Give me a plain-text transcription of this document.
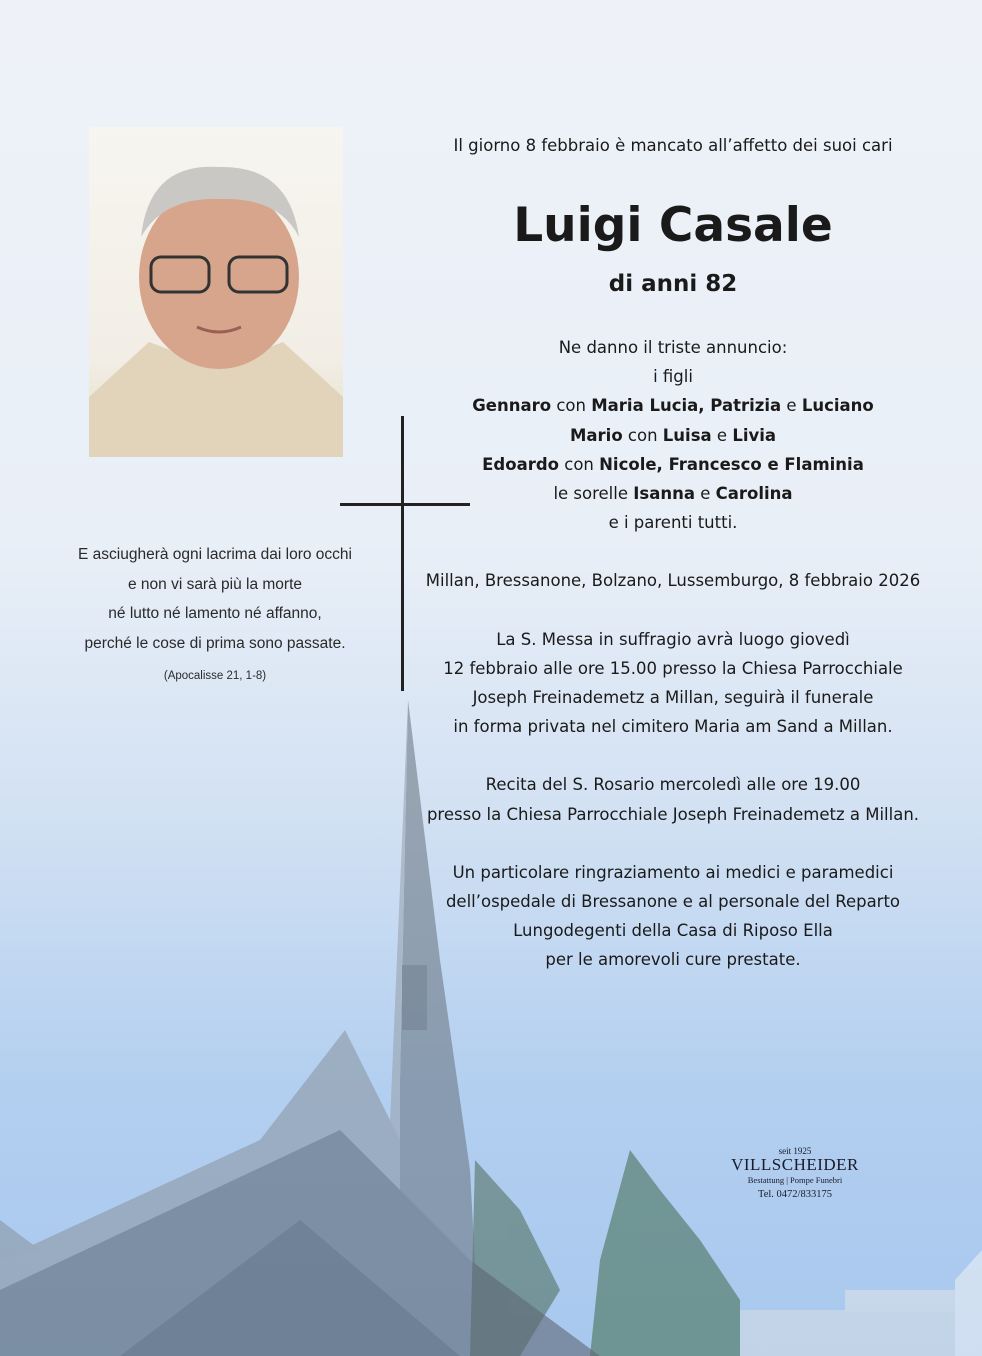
Il giorno 8 febbraio è mancato all’affetto dei suoi cari
Luigi Casale
di anni 82
Ne danno il triste annuncio:
i figli
Gennaro con Maria Lucia, Patrizia e Luciano
Mario con Luisa e Livia
Edoardo con Nicole, Francesco e Flaminia
le sorelle Isanna e Carolina
e i parenti tutti.
Millan, Bressanone, Bolzano, Lussemburgo, 8 febbraio 2026
La S. Messa in suffragio avrà luogo giovedì
12 febbraio alle ore 15.00 presso la Chiesa Parrocchiale
Joseph Freinademetz a Millan, seguirà il funerale
in forma privata nel cimitero Maria am Sand a Millan.
Recita del S. Rosario mercoledì alle ore 19.00
presso la Chiesa Parrocchiale Joseph Freinademetz a Millan.
Un particolare ringraziamento ai medici e paramedici
dell’ospedale di Bressanone e al personale del Reparto
Lungodegenti della Casa di Riposo Ella
per le amorevoli cure prestate.
E asciugherà ogni lacrima dai loro occhi
e non vi sarà più la morte
né lutto né lamento né affanno,
perché le cose di prima sono passate.
(Apocalisse 21, 1-8)
seit 1925
VILLSCHEIDER
Bestattung | Pompe Funebri
Tel. 0472/833175
